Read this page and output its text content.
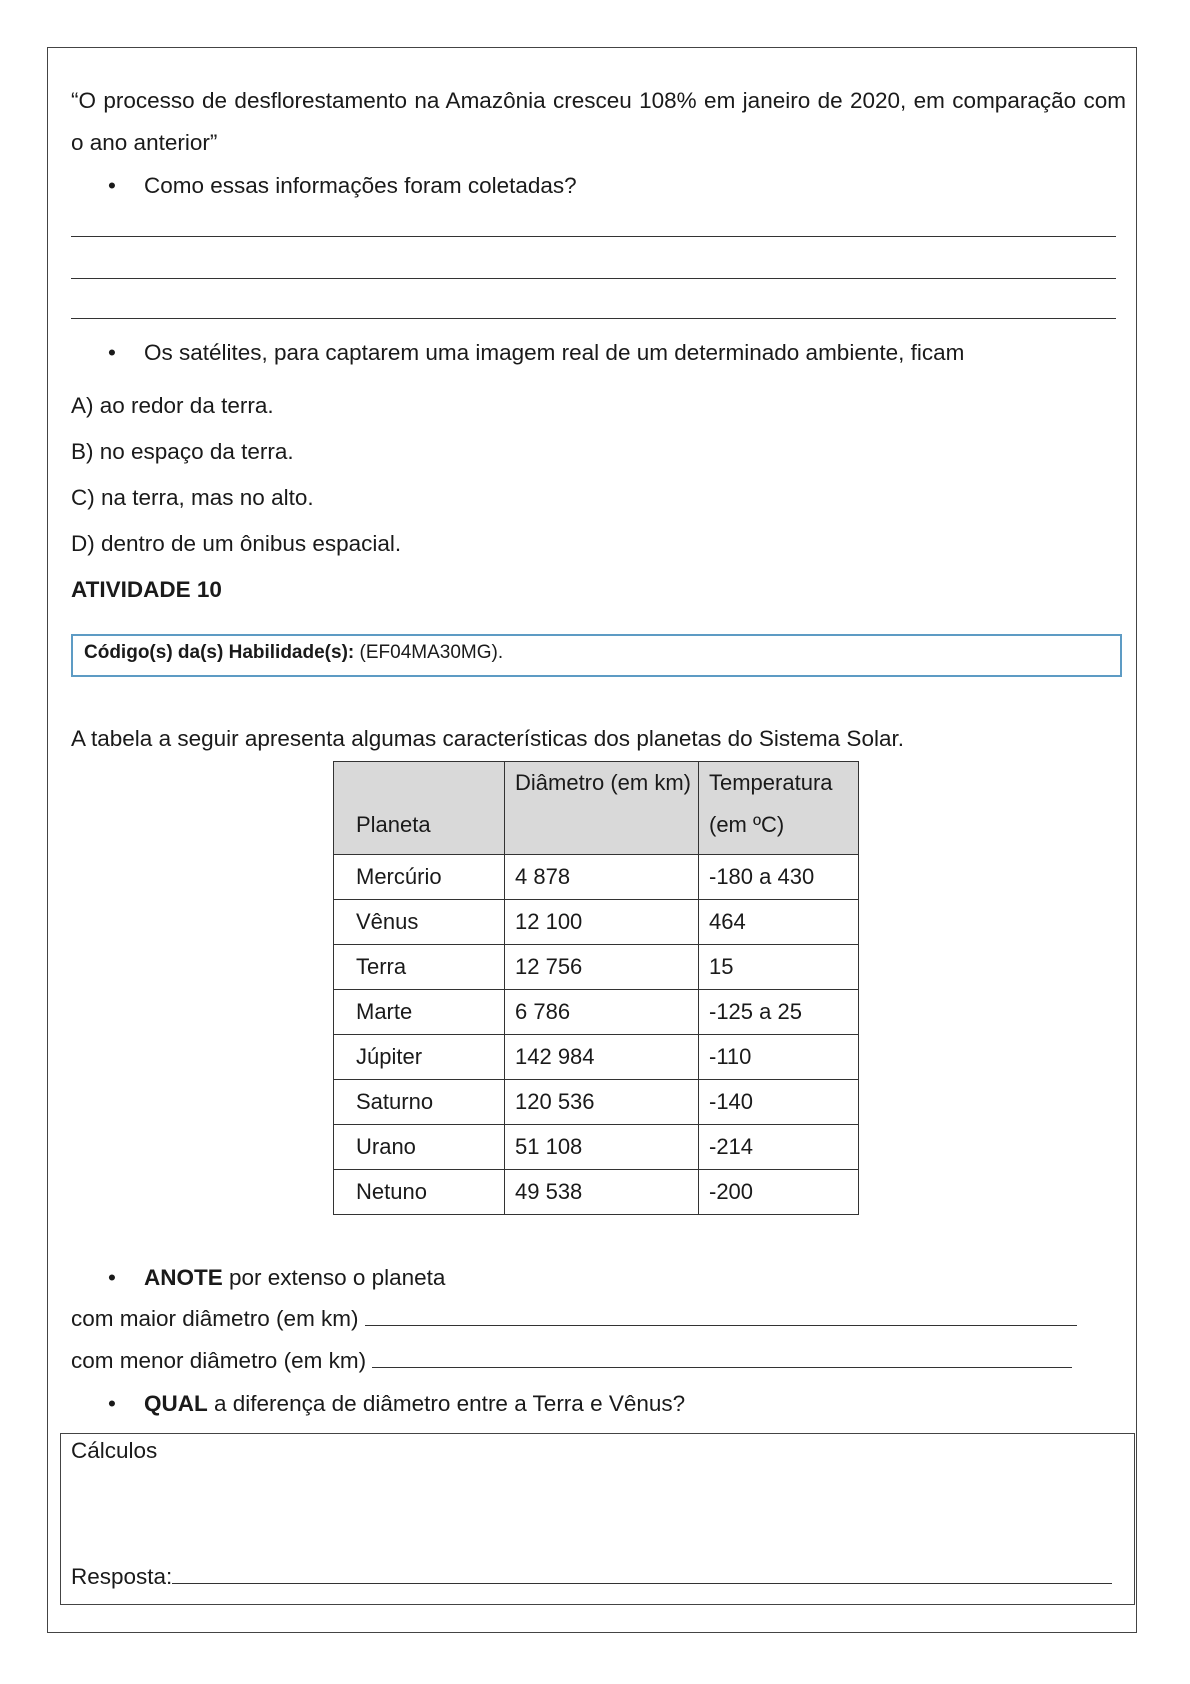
“O processo de desflorestamento na Amazônia cresceu 108% em janeiro de 2020, em comparação com o ano anterior”
Como essas informações foram coletadas?
Os satélites, para captarem uma imagem real de um determinado ambiente, ficam
A) ao redor da terra.
B) no espaço da terra.
C) na terra, mas no alto.
D) dentro de um ônibus espacial.
ATIVIDADE 10
Código(s) da(s) Habilidade(s): (EF04MA30MG).
A tabela a seguir apresenta algumas características dos planetas do Sistema Solar.
Planeta	Diâmetro (em km)	Temperatura (em ºC)
Mercúrio	4 878	-180 a 430
Vênus	12 100	464
Terra	12 756	15
Marte	6 786	-125 a 25
Júpiter	142 984	-110
Saturno	120 536	-140
Urano	51 108	-214
Netuno	49 538	-200
ANOTE por extenso o planeta
com maior diâmetro (em km)
com menor diâmetro (em km)
QUAL a diferença de diâmetro entre a Terra e Vênus?
Cálculos
Resposta:
